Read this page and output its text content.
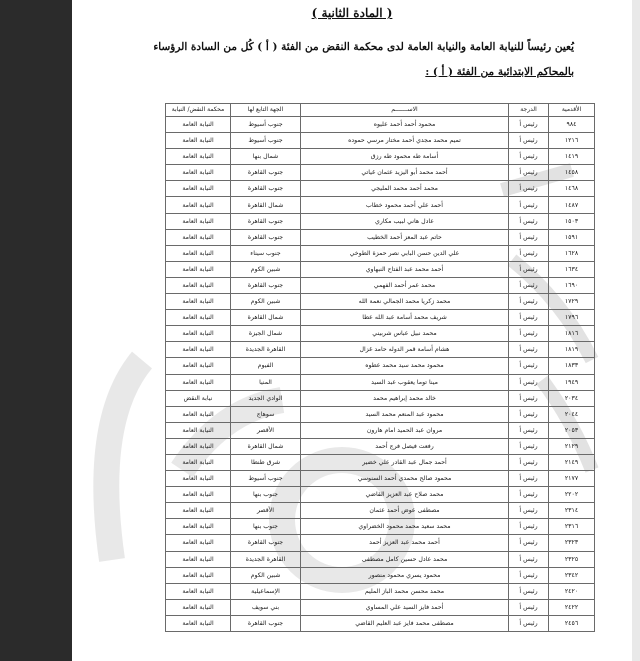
( المادة الثانية )
يُعين رئيساً للنيابة العامة والنيابة العامة لدى محكمة النقض من الفئة ( أ ) كُل من السادة الرؤساء
بالمحاكم الابتدائية من الفئة ( أ ) :
الأقدمية	الدرجة	الاســـــــم	الجهة التابع لها	محكمة النقض/ النيابة
٩٨٤	رئيس أ	محمود أحمد أحمد عليوه	جنوب أسيوط	النيابة العامة
١٢١٦	رئيس أ	تميم محمد مجدي أحمد مختار مرسي حموده	جنوب أسيوط	النيابة العامة
١٤١٩	رئيس أ	أسامة طه محمود طه رزق	شمال بنها	النيابة العامة
١٤٥٨	رئيس أ	أحمد محمد أبو اليزيد عثمان غياتي	جنوب القاهرة	النيابة العامة
١٤٦٨	رئيس أ	محمد أحمد محمد المليجي	جنوب القاهرة	النيابة العامة
١٤٨٧	رئيس أ	أحمد علي أحمد محمود خطاب	شمال القاهرة	النيابة العامة
١٥٠٣	رئيس أ	عادل هاني لبيب مكاري	جنوب القاهرة	النيابة العامة
١٥٩١	رئيس أ	حاتم عبد المعز أحمد الخطيب	جنوب القاهرة	النيابة العامة
١٦٢٨	رئيس أ	علي الدين حسن البابي نصر حمزة الطوخي	جنوب سيناء	النيابة العامة
١٦٣٤	رئيس أ	أحمد محمد عبد الفتاح النبهاوي	شبين الكوم	النيابة العامة
١٦٩٠	رئيس أ	محمد عمر أحمد الفهمي	جنوب القاهرة	النيابة العامة
١٧٢٩	رئيس أ	محمد زكريا محمد الجمالي نعمة الله	شبين الكوم	النيابة العامة
١٧٩٦	رئيس أ	شريف محمد أسامة عبد الله عطا	شمال القاهرة	النيابة العامة
١٨١٦	رئيس أ	محمد نبيل عباس شربيني	شمال الجيزة	النيابة العامة
١٨١٩	رئيس أ	هشام أسامة قمر الدوله حامد غزال	القاهرة الجديدة	النيابة العامة
١٨٣٣	رئيس أ	محمود محمد سيد محمد عطوه	الفيوم	النيابة العامة
١٩٤٩	رئيس أ	مينا توما يعقوب عبد السيد	المنيا	النيابة العامة
٢٠٣٤	رئيس أ	خالد محمد إبراهيم محمد	الوادي الجديد	نيابة النقض
٢٠٤٤	رئيس أ	محمود عبد المنعم محمد السيد	سوهاج	النيابة العامة
٢٠٥٣	رئيس أ	مروان عبد الحميد امام هارون	الأقصر	النيابة العامة
٢١٢٩	رئيس أ	رفعت فيصل فرج أحمد	شمال القاهرة	النيابة العامة
٢١٤٩	رئيس أ	أحمد جمال عبد القادر علي خضير	شرق طنطا	النيابة العامة
٢١٧٧	رئيس أ	محمود صالح محمدي أحمد السنوسي	جنوب أسيوط	النيابة العامة
٢٢٠٢	رئيس أ	محمد صلاح عبد العزيز القاضي	جنوب بنها	النيابة العامة
٢٣١٤	رئيس أ	مصطفى عوض أحمد عثمان	الأقصر	النيابة العامة
٢٣١٦	رئيس أ	محمد سعيد محمد محمود الخضراوي	جنوب بنها	النيابة العامة
٢٣٢٣	رئيس أ	أحمد محمد عبد العزيز أحمد	جنوب القاهرة	النيابة العامة
٢٣٢٥	رئيس أ	محمد عادل حسين كامل مصطفى	القاهرة الجديدة	النيابة العامة
٢٣٤٢	رئيس أ	محمود يسري محمود منصور	شبين الكوم	النيابة العامة
٢٤٢٠	رئيس أ	محمد محسن محمد الباز المليم	الإسماعيلية	النيابة العامة
٢٤٢٢	رئيس أ	أحمد فايز السيد علي المساوي	بني سويف	النيابة العامة
٢٤٥٦	رئيس أ	مصطفى محمد فايز عبد العليم القاضي	جنوب القاهرة	النيابة العامة
